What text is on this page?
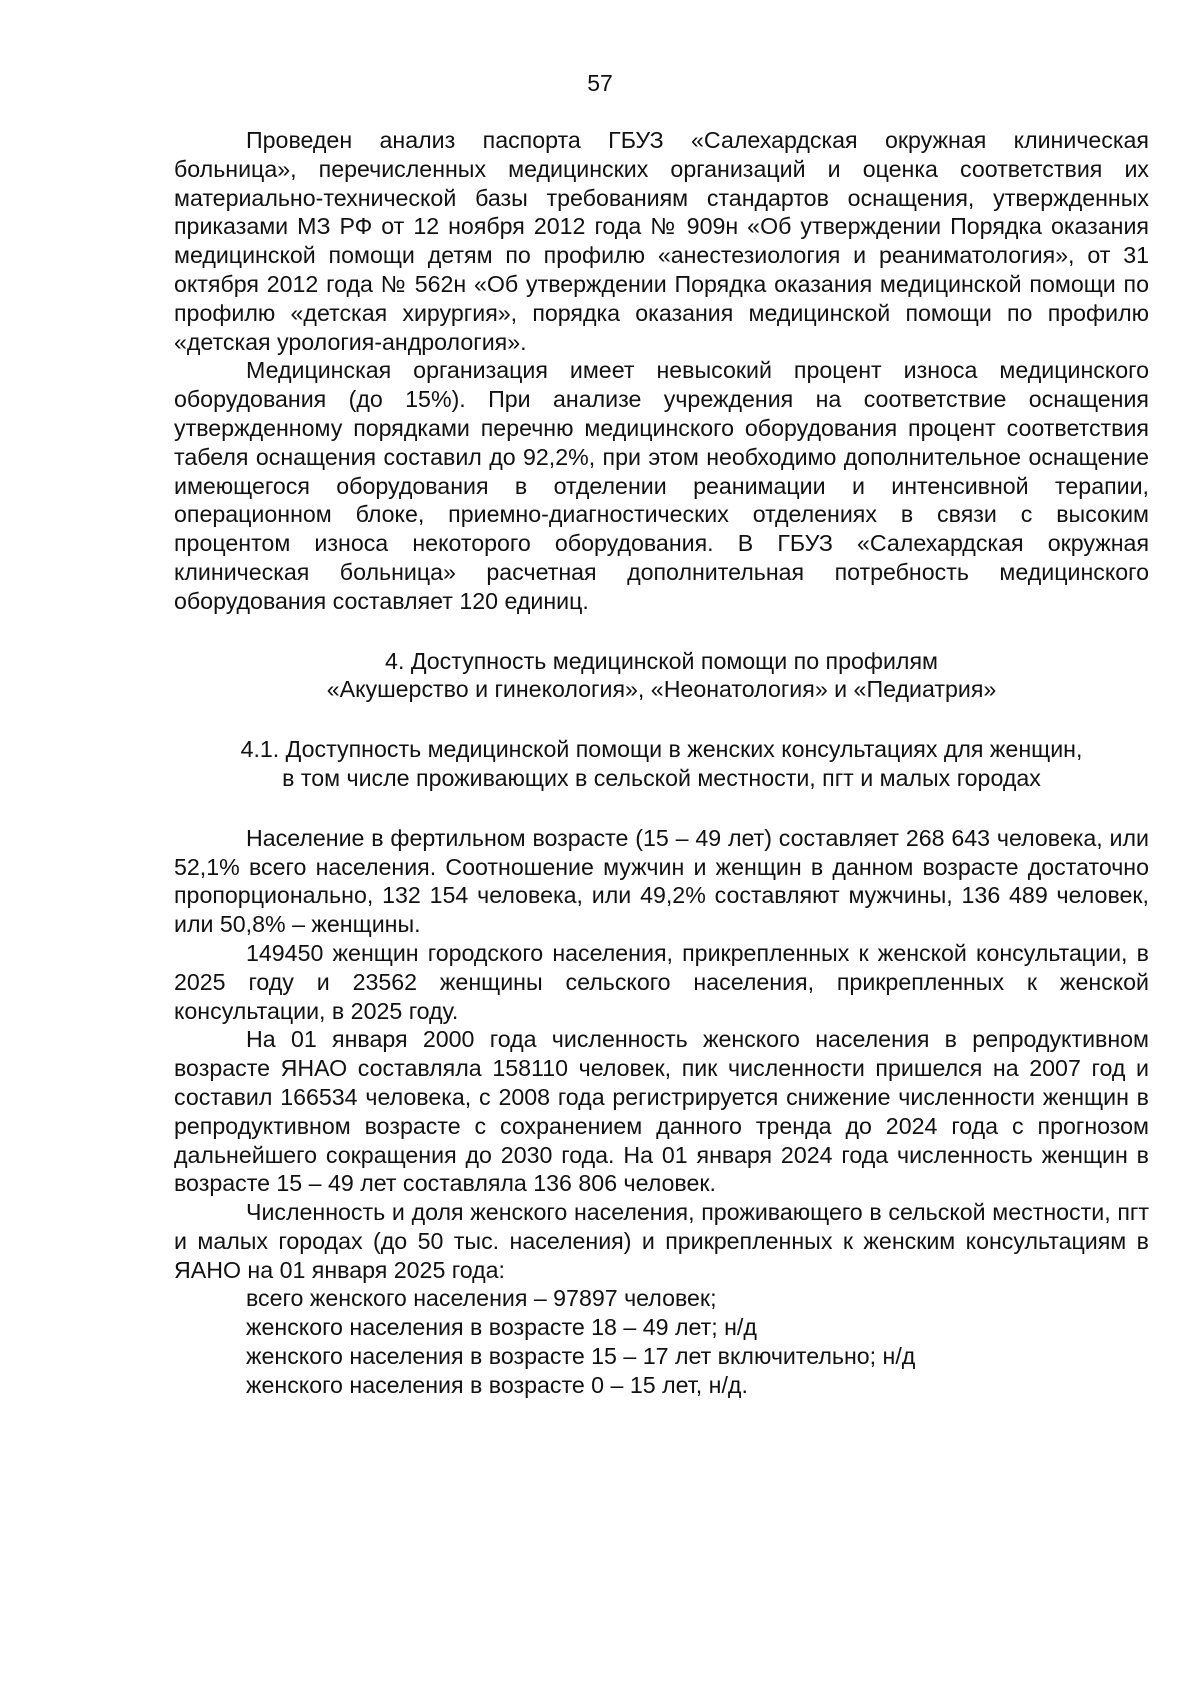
57

Проведен анализ паспорта ГБУЗ «Салехардская окружная клиническая больница», перечисленных медицинских организаций и оценка соответствия их материально-технической базы требованиям стандартов оснащения, утвержденных приказами МЗ РФ от 12 ноября 2012 года № 909н «Об утверждении Порядка оказания медицинской помощи детям по профилю «анестезиология и реаниматология», от 31 октября 2012 года № 562н «Об утверждении Порядка оказания медицинской помощи по профилю «детская хирургия», порядка оказания медицинской помощи по профилю «детская урология-андрология».

Медицинская организация имеет невысокий процент износа медицинского оборудования (до 15%). При анализе учреждения на соответствие оснащения утвержденному порядками перечню медицинского оборудования процент соответствия табеля оснащения составил до 92,2%, при этом необходимо дополнительное оснащение имеющегося оборудования в отделении реанимации и интенсивной терапии, операционном блоке, приемно-диагностических отделениях в связи с высоким процентом износа некоторого оборудования. В ГБУЗ «Салехардская окружная клиническая больница» расчетная дополнительная потребность медицинского оборудования составляет 120 единиц.

4. Доступность медицинской помощи по профилям
«Акушерство и гинекология», «Неонатология» и «Педиатрия»
4.1. Доступность медицинской помощи в женских консультациях для женщин,
в том числе проживающих в сельской местности, пгт и малых городах

Население в фертильном возрасте (15 – 49 лет) составляет 268 643 человека, или 52,1% всего населения. Соотношение мужчин и женщин в данном возрасте достаточно пропорционально, 132 154 человека, или 49,2% составляют мужчины, 136 489 человек, или 50,8% – женщины.

149450 женщин городского населения, прикрепленных к женской консультации, в 2025 году и 23562 женщины сельского населения, прикрепленных к женской консультации, в 2025 году.

На 01 января 2000 года численность женского населения в репродуктивном возрасте ЯНАО составляла 158110 человек, пик численности пришелся на 2007 год и составил 166534 человека, с 2008 года регистрируется снижение численности женщин в репродуктивном возрасте с сохранением данного тренда до 2024 года с прогнозом дальнейшего сокращения до 2030 года. На 01 января 2024 года численность женщин в возрасте 15 – 49 лет составляла 136 806 человек.

Численность и доля женского населения, проживающего в сельской местности, пгт и малых городах (до 50 тыс. населения) и прикрепленных к женским консультациям в ЯАНО на 01 января 2025 года:

всего женского населения – 97897 человек;

женского населения в возрасте 18 – 49 лет; н/д

женского населения в возрасте 15 – 17 лет включительно; н/д

женского населения в возрасте 0 – 15 лет, н/д.
